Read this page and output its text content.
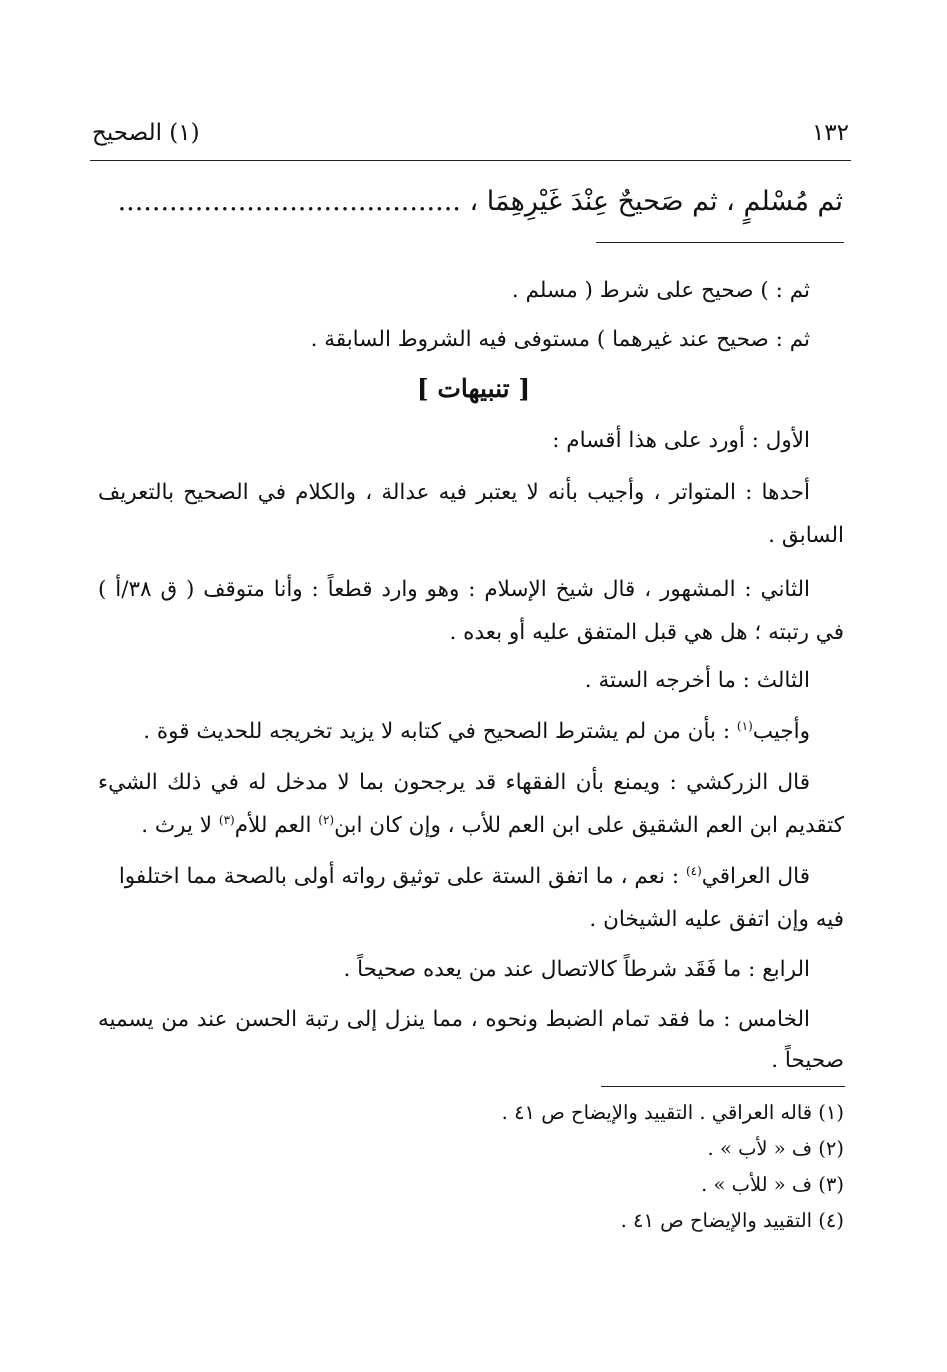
١٣٢
(١) الصحيح
ثم مُسْلمٍ ، ثم صَحيحٌ عِنْدَ غَيْرِهِمَا ، ........................................
ثم : ) صحيح على شرط ( مسلم .
ثم : صحيح عند غيرهما ) مستوفى فيه الشروط السابقة .
[ تنبيهات ]
الأول : أورد على هذا أقسام :
أحدها : المتواتر ، وأجيب بأنه لا يعتبر فيه عدالة ، والكلام في الصحيح بالتعريف
السابق .
الثاني : المشهور ، قال شيخ الإسلام : وهو وارد قطعاً : وأنا متوقف ( ق ٣٨/أ )
في رتبته ؛ هل هي قبل المتفق عليه أو بعده .
الثالث : ما أخرجه الستة .
وأجيب$^{(١)}$ : بأن من لم يشترط الصحيح في كتابه لا يزيد تخريجه للحديث قوة .
قال الزركشي : ويمنع بأن الفقهاء قد يرجحون بما لا مدخل له في ذلك الشيء
كتقديم ابن العم الشقيق على ابن العم للأب ، وإن كان ابن$^{(٢)}$ العم للأم$^{(٣)}$ لا يرث .
قال العراقي$^{(٤)}$ : نعم ، ما اتفق الستة على توثيق رواته أولى بالصحة مما اختلفوا
فيه وإن اتفق عليه الشيخان .
الرابع : ما فَقَد شرطاً كالاتصال عند من يعده صحيحاً .
الخامس : ما فقد تمام الضبط ونحوه ، مما ينزل إلى رتبة الحسن عند من يسميه
صحيحاً .
(١) قاله العراقي . التقييد والإيضاح ص ٤١ .
(٢) ف « لأب » .
(٣) ف « للأب » .
(٤) التقييد والإيضاح ص ٤١ .
